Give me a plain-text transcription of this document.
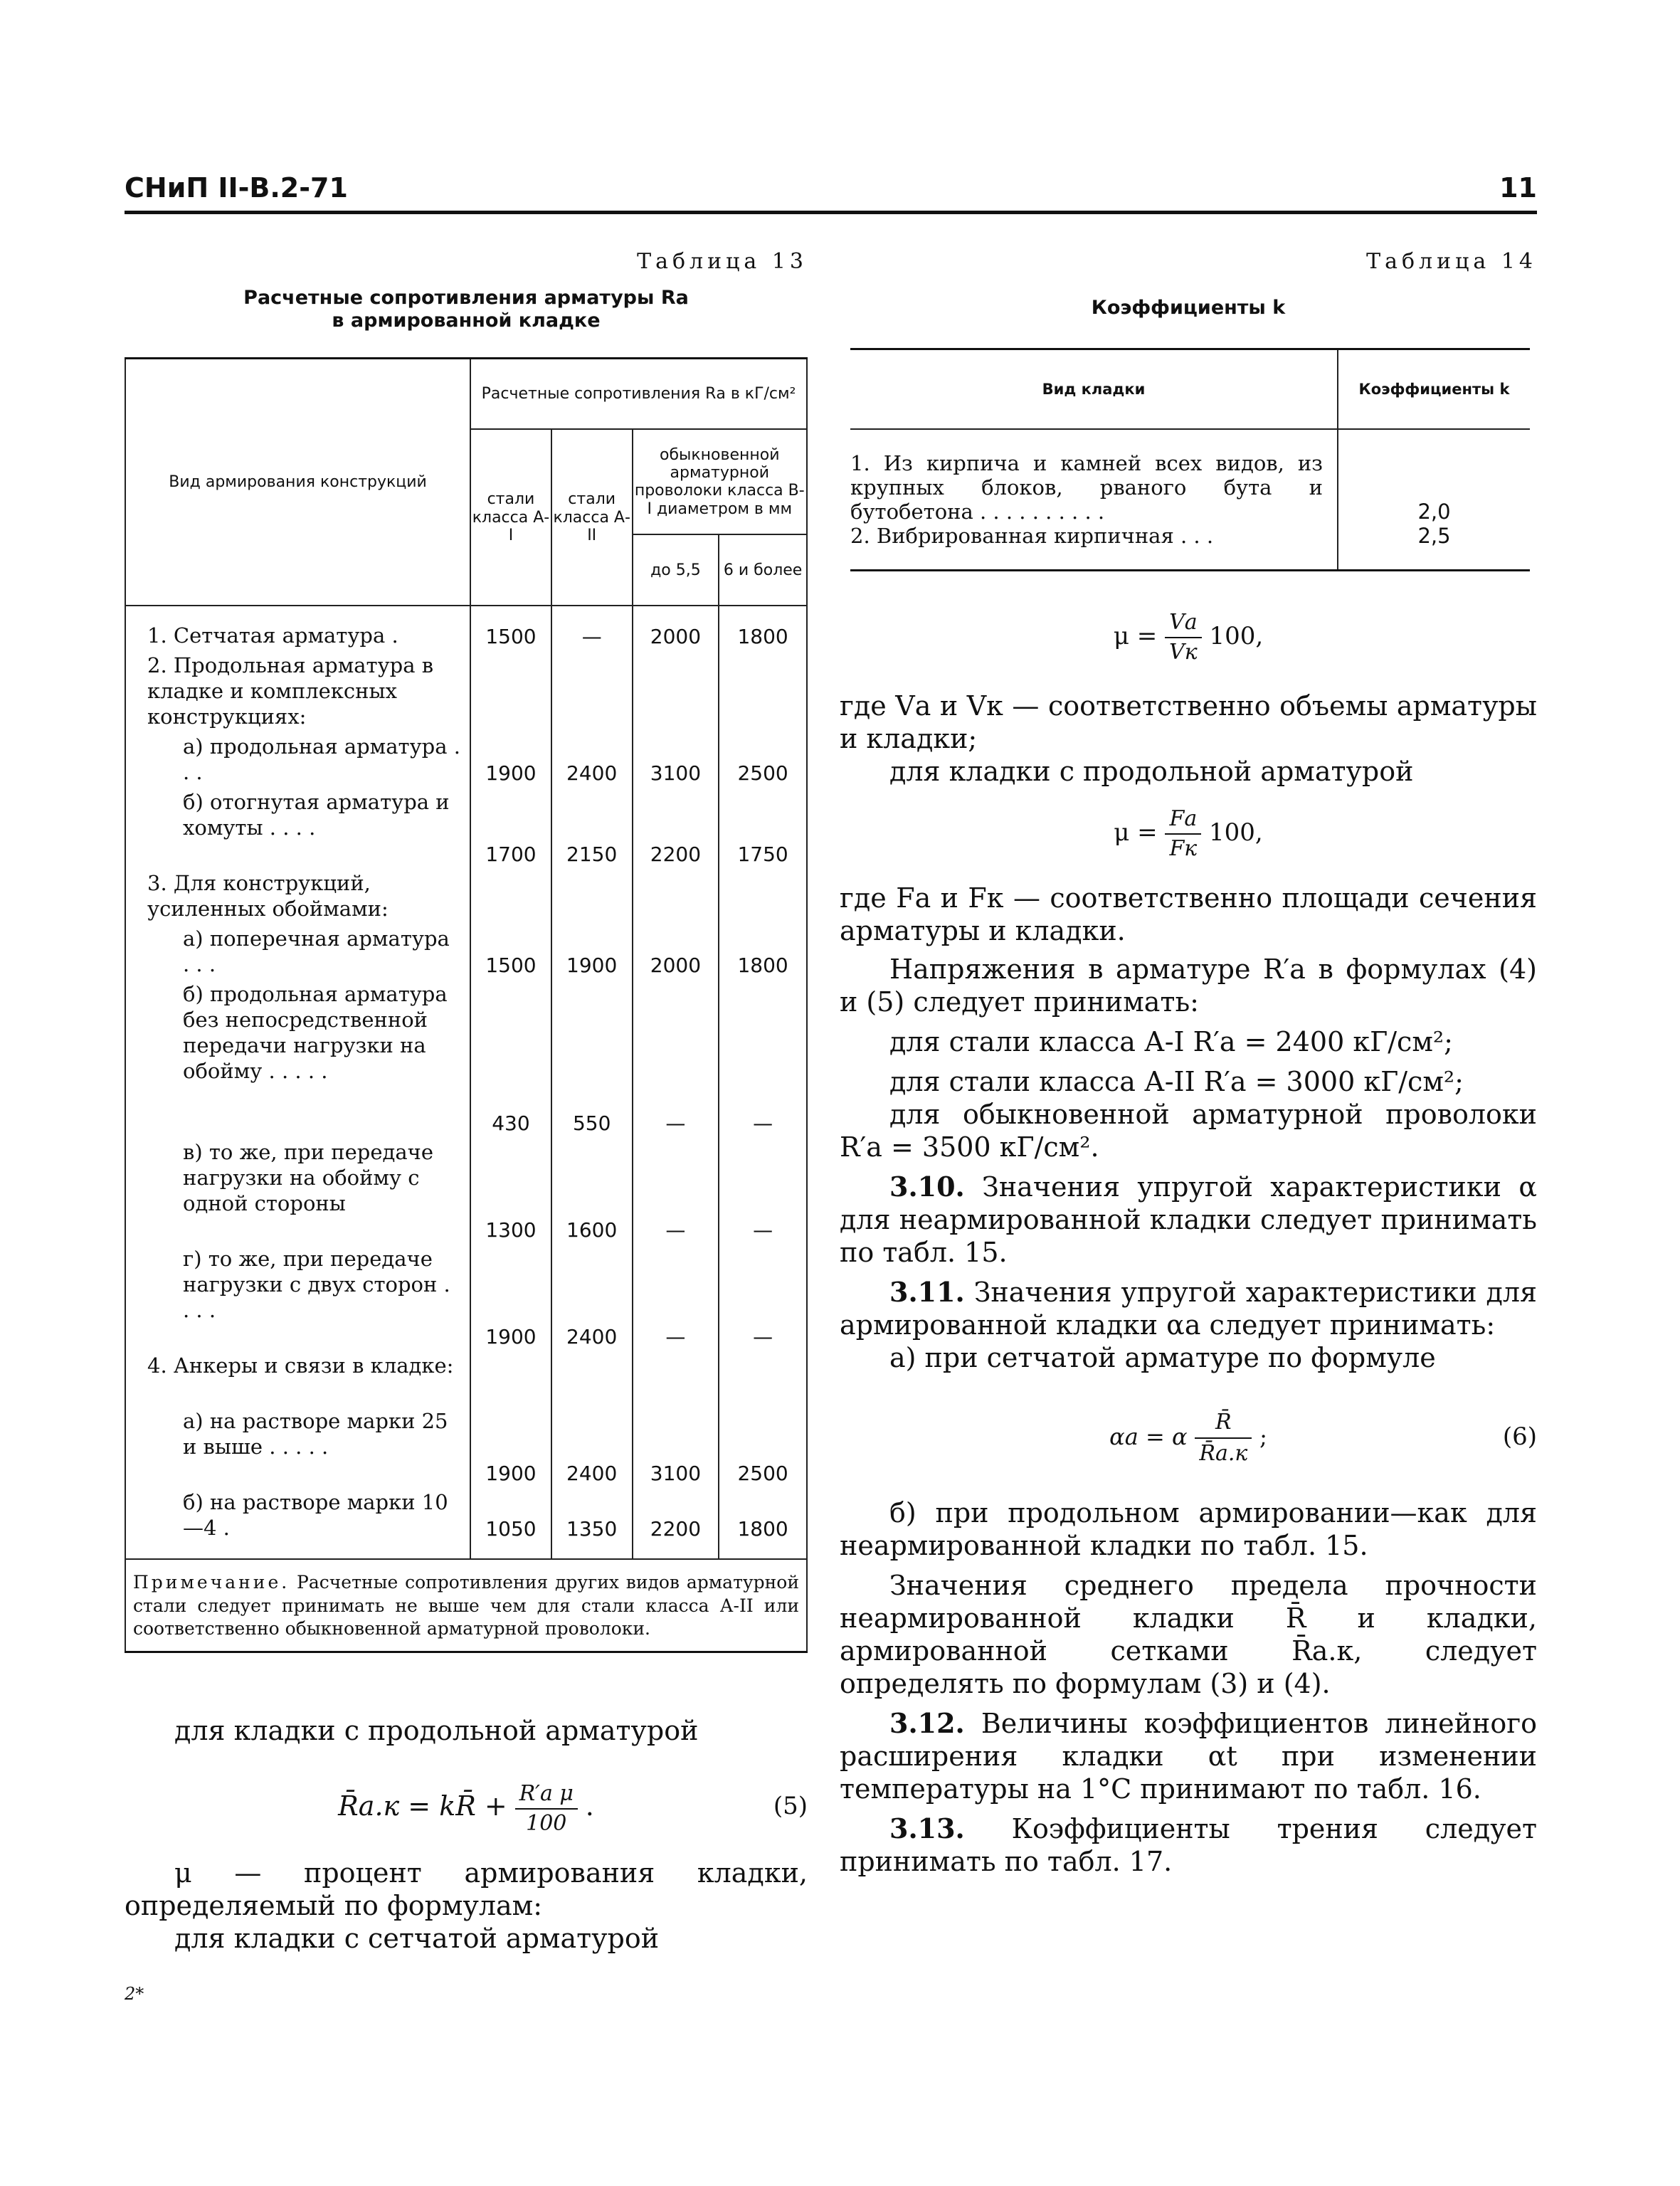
СНиП II-В.2-71	11
Таблица 13
Расчетные сопротивления арматуры Rа
в армированной кладке
Вид армирования конструкций	Расчетные сопротивления Rа в кГ/см²			
	стали класса А-I	стали класса А-II	обыкновенной арматурной проволоки класса В-I диаметром в мм	
			до 5,5	6 и более

1. Сетчатая арматура .	1500	—	2000	1800
2. Продольная арматура в кладке и комплексных конструкциях:				
а) продольная арматура . . .	1900	2400	3100	2500
б) отогнутая арматура и хомуты . . . .	1700	2150	2200	1750
3. Для конструкций, усиленных обоймами:				
а) поперечная арматура . . .	1500	1900	2000	1800
б) продольная арматура без непосредственной передачи нагрузки на обойму . . . . .	430	550	—	—
в) то же, при передаче нагрузки на обойму с одной стороны	1300	1600	—	—
г) то же, при передаче нагрузки с двух сторон . . . .	1900	2400	—	—
4. Анкеры и связи в кладке:				
а) на растворе марки 25 и выше . . . . .	1900	2400	3100	2500
б) на растворе марки 10—4 .	1050	1350	2200	1800

Примечание. Расчетные сопротивления других видов арматурной стали следует принимать не выше чем для стали класса А-II или соответственно обыкновенной арматурной проволоки.				
для кладки с продольной арматурой
R̄а.к = kR̄ + $\frac{\text{R′а μ}}{100}$ .	(5)
μ — процент армирования кладки, определяемый по формулам:
для кладки с сетчатой арматурой
2*
Таблица 14
Коэффициенты k
Вид кладки	Коэффициенты k
1. Из кирпича и камней всех видов, из крупных блоков, рваного бута и бутобетона . . . . . . . . . .	2,0
2. Вибрированная кирпичная . . .	2,5
$\mu = \frac{Vа}{Vк} 100$,
где Vа и Vк — соответственно объемы арматуры и кладки;
для кладки с продольной арматурой
$\mu = \frac{Fа}{Fк} 100$,
где Fа и Fк — соответственно площади сечения арматуры и кладки.
Напряжения в арматуре R′а в формулах (4) и (5) следует принимать:
для стали класса А-I R′а = 2400 кГ/см²;
для стали класса А-II R′а = 3000 кГ/см²;
для обыкновенной арматурной проволоки R′а = 3500 кГ/см².
3.10. Значения упругой характеристики α для неармированной кладки следует принимать по табл. 15.
3.11. Значения упругой характеристики для армированной кладки αа следует принимать:
а) при сетчатой арматуре по формуле
αа = α $\frac{R̄}{R̄а.к}$ ;	(6)
б) при продольном армировании—как для неармированной кладки по табл. 15.
Значения среднего предела прочности неармированной кладки R̄ и кладки, армированной сетками R̄а.к, следует определять по формулам (3) и (4).
3.12. Величины коэффициентов линейного расширения кладки αt при изменении температуры на 1°С принимают по табл. 16.
3.13. Коэффициенты трения следует принимать по табл. 17.
